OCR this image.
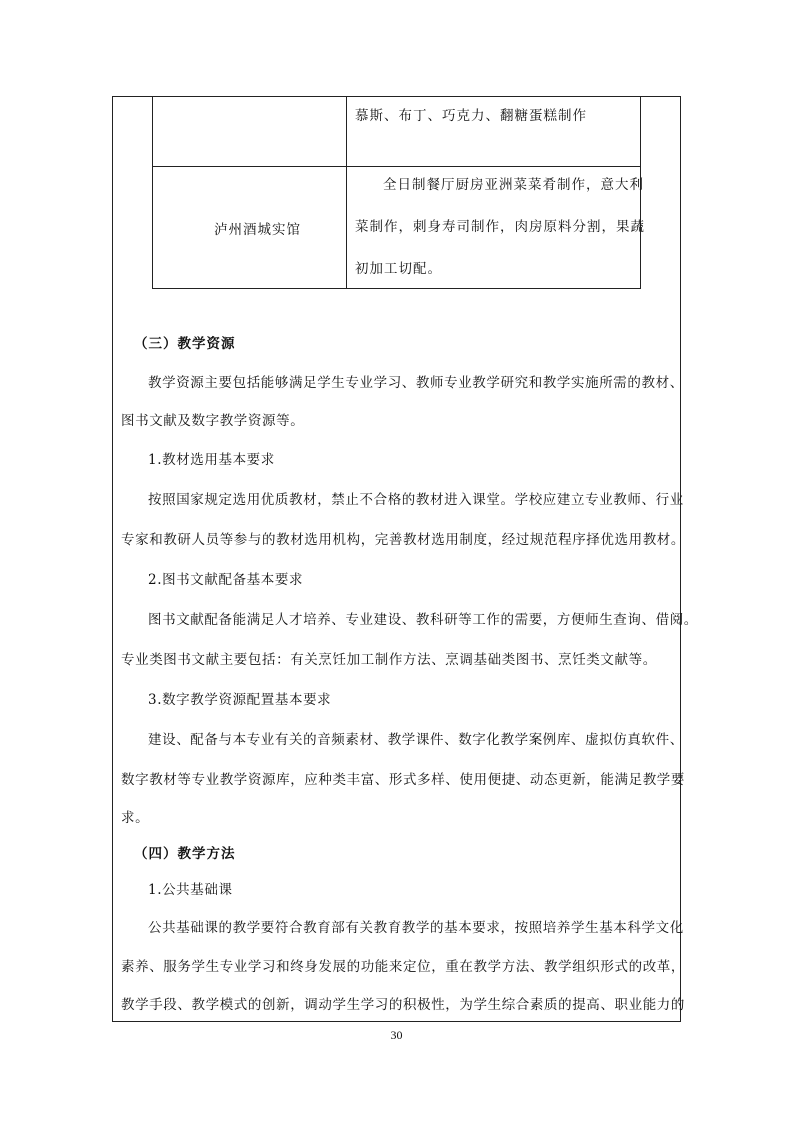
慕斯、布丁、巧克力、翻糖蛋糕制作
泸州酒城实馆
全日制餐厅厨房亚洲菜菜肴制作，意大利
菜制作，刺身寿司制作，肉房原料分割，果蔬
初加工切配。
（三）教学资源
教学资源主要包括能够满足学生专业学习、教师专业教学研究和教学实施所需的教材、
图书文献及数字教学资源等。
1.教材选用基本要求
按照国家规定选用优质教材，禁止不合格的教材进入课堂。学校应建立专业教师、行业
专家和教研人员等参与的教材选用机构，完善教材选用制度，经过规范程序择优选用教材。
2.图书文献配备基本要求
图书文献配备能满足人才培养、专业建设、教科研等工作的需要，方便师生查询、借阅。
专业类图书文献主要包括：有关烹饪加工制作方法、烹调基础类图书、烹饪类文献等。
3.数字教学资源配置基本要求
建设、配备与本专业有关的音频素材、教学课件、数字化教学案例库、虚拟仿真软件、
数字教材等专业教学资源库，应种类丰富、形式多样、使用便捷、动态更新，能满足教学要
求。
（四）教学方法
1.公共基础课
公共基础课的教学要符合教育部有关教育教学的基本要求，按照培养学生基本科学文化
素养、服务学生专业学习和终身发展的功能来定位，重在教学方法、教学组织形式的改革，
教学手段、教学模式的创新，调动学生学习的积极性，为学生综合素质的提高、职业能力的
30
